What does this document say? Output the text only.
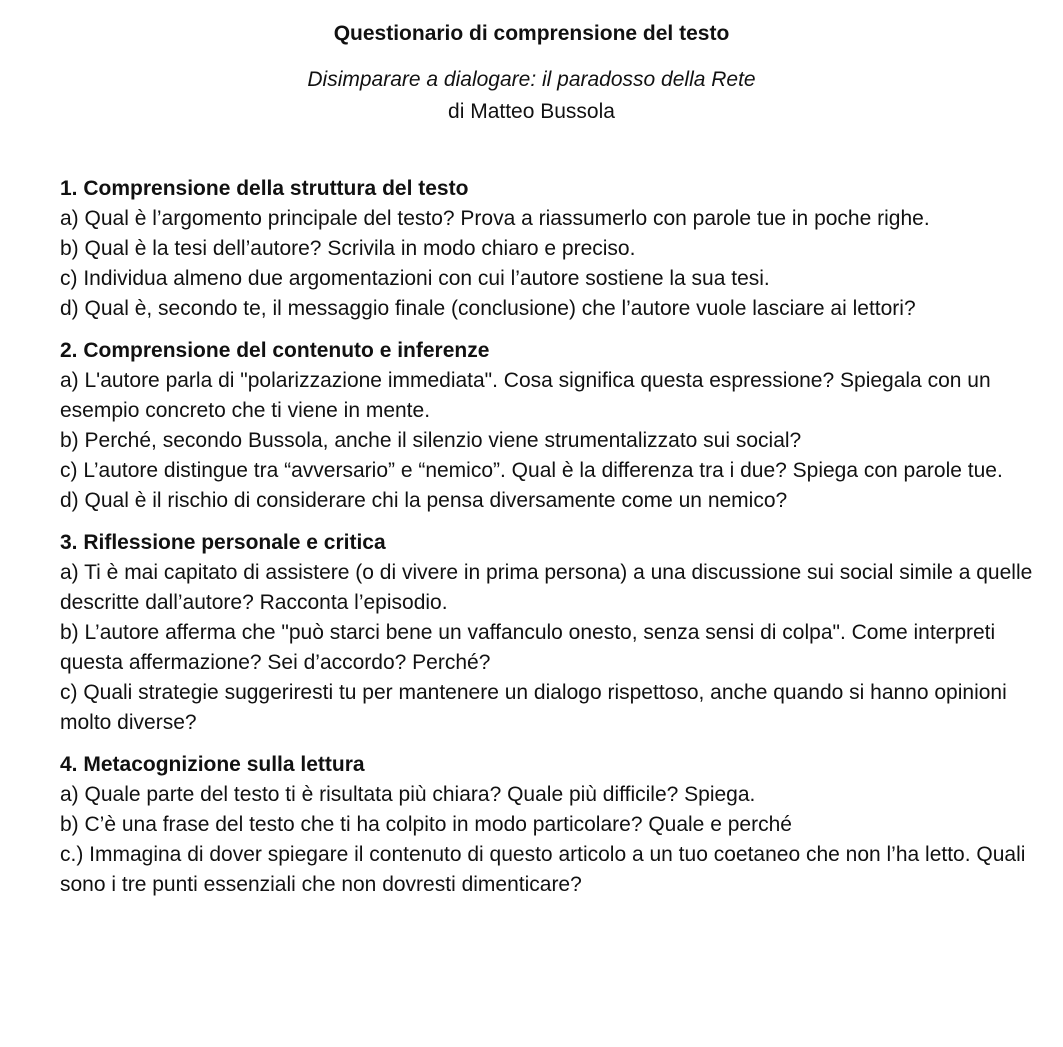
Questionario di comprensione del testo

Disimparare a dialogare: il paradosso della Rete

di Matteo Bussola

1. Comprensione della struttura del testo

a) Qual è l’argomento principale del testo? Prova a riassumerlo con parole tue in poche righe.

b) Qual è la tesi dell’autore? Scrivila in modo chiaro e preciso.

c) Individua almeno due argomentazioni con cui l’autore sostiene la sua tesi.

d) Qual è, secondo te, il messaggio finale (conclusione) che l’autore vuole lasciare ai lettori?

2. Comprensione del contenuto e inferenze

a) L'autore parla di "polarizzazione immediata". Cosa significa questa espressione? Spiegala con un esempio concreto che ti viene in mente.

b) Perché, secondo Bussola, anche il silenzio viene strumentalizzato sui social?

c) L’autore distingue tra “avversario” e “nemico”. Qual è la differenza tra i due? Spiega con parole tue.

d) Qual è il rischio di considerare chi la pensa diversamente come un nemico?

3. Riflessione personale e critica

a) Ti è mai capitato di assistere (o di vivere in prima persona) a una discussione sui social simile a quelle descritte dall’autore? Racconta l’episodio.

b) L’autore afferma che "può starci bene un vaffanculo onesto, senza sensi di colpa". Come interpreti questa affermazione? Sei d’accordo? Perché?

c) Quali strategie suggeriresti tu per mantenere un dialogo rispettoso, anche quando si hanno opinioni molto diverse?

4. Metacognizione sulla lettura

a) Quale parte del testo ti è risultata più chiara? Quale più difficile? Spiega.

b) C’è una frase del testo che ti ha colpito in modo particolare? Quale e perché

c.) Immagina di dover spiegare il contenuto di questo articolo a un tuo coetaneo che non l’ha letto. Quali sono i tre punti essenziali che non dovresti dimenticare?
